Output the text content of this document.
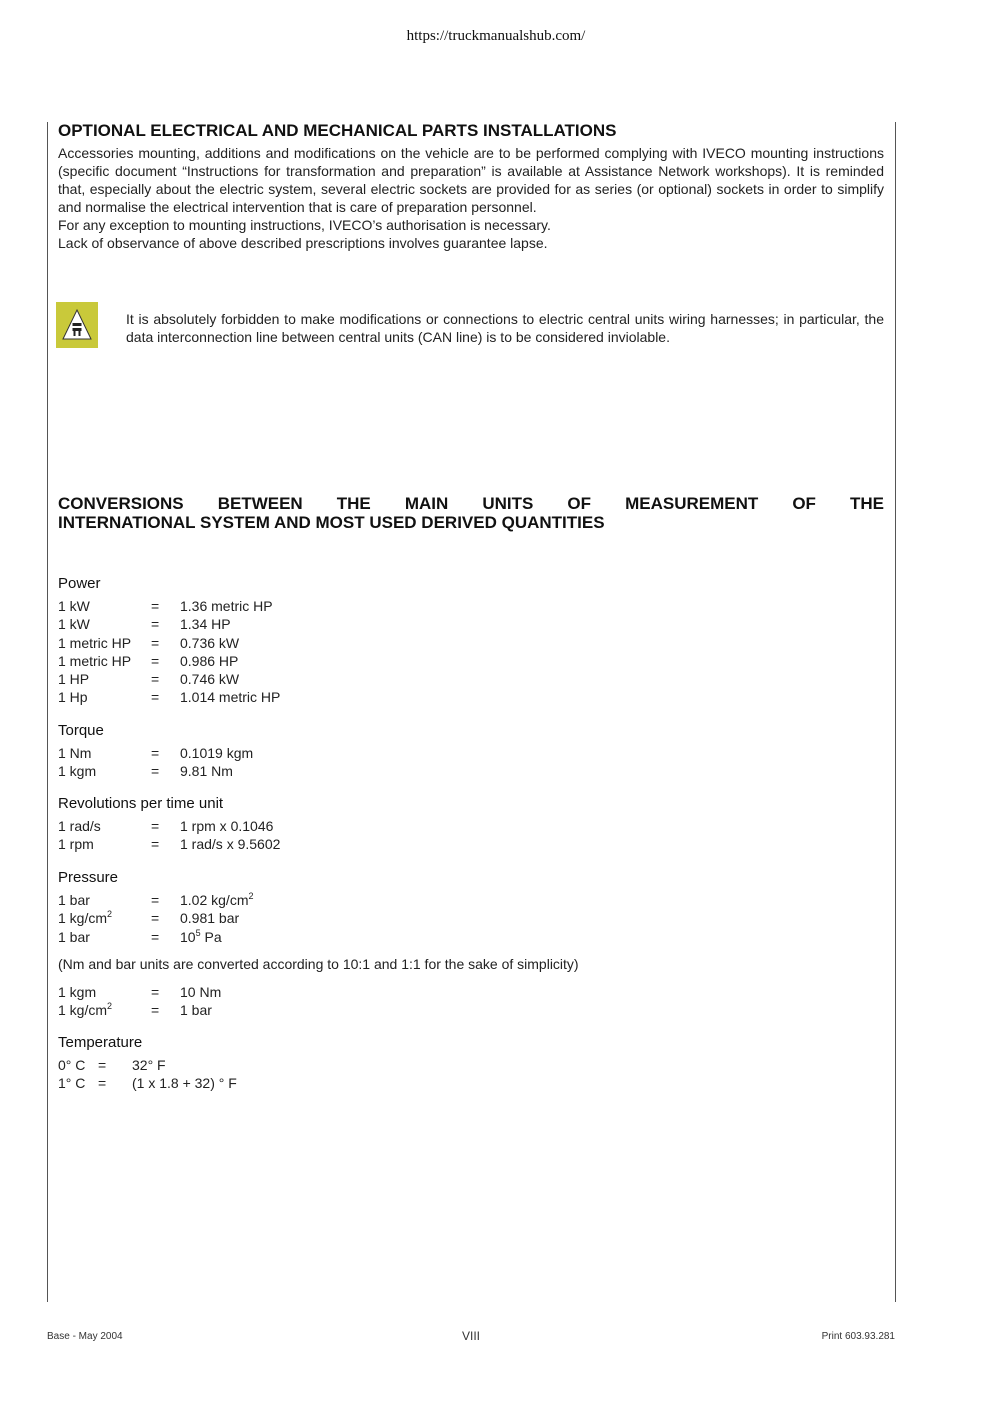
https://truckmanualshub.com/
OPTIONAL ELECTRICAL AND MECHANICAL PARTS INSTALLATIONS

Accessories mounting, additions and modifications on the vehicle are to be performed complying with IVECO mounting instructions (specific document “Instructions for transformation and preparation” is available at Assistance Network workshops). It is reminded that, especially about the electric system, several electric sockets are provided for as series (or optional) sockets in order to simplify and normalise the electrical intervention that is care of preparation personnel.

For any exception to mounting instructions, IVECO’s authorisation is necessary.

Lack of observance of above described prescriptions involves guarantee lapse.

It is absolutely forbidden to make modifications or connections to electric central units wiring harnesses; in particular, the data interconnection line between central units (CAN line) is to be considered inviolable.
CONVERSIONS BETWEEN THE MAIN UNITS OF MEASUREMENT OF THE
INTERNATIONAL SYSTEM AND MOST USED DERIVED QUANTITIES
Power
1 kW	=	1.36 metric HP
1 kW	=	1.34 HP
1 metric HP	=	0.736 kW
1 metric HP	=	0.986 HP
1 HP	=	0.746 kW
1 Hp	=	1.014 metric HP
Torque
1 Nm	=	0.1019 kgm
1 kgm	=	9.81 Nm
Revolutions per time unit
1 rad/s	=	1 rpm x 0.1046
1 rpm	=	1 rad/s x 9.5602
Pressure
1 bar	=	1.02 $kg/cm^2$
1 $kg/cm^2$	=	0.981 bar
1 bar	=	$10^5$ Pa
(Nm and bar units are converted according to 10:1 and 1:1 for the sake of simplicity)
1 kgm	=	10 Nm
1 $kg/cm^2$	=	1 bar
Temperature
0° C =	32° F
1° C =	(1 x 1.8 + 32) ° F
Base - May 2004	VIII	Print 603.93.281
